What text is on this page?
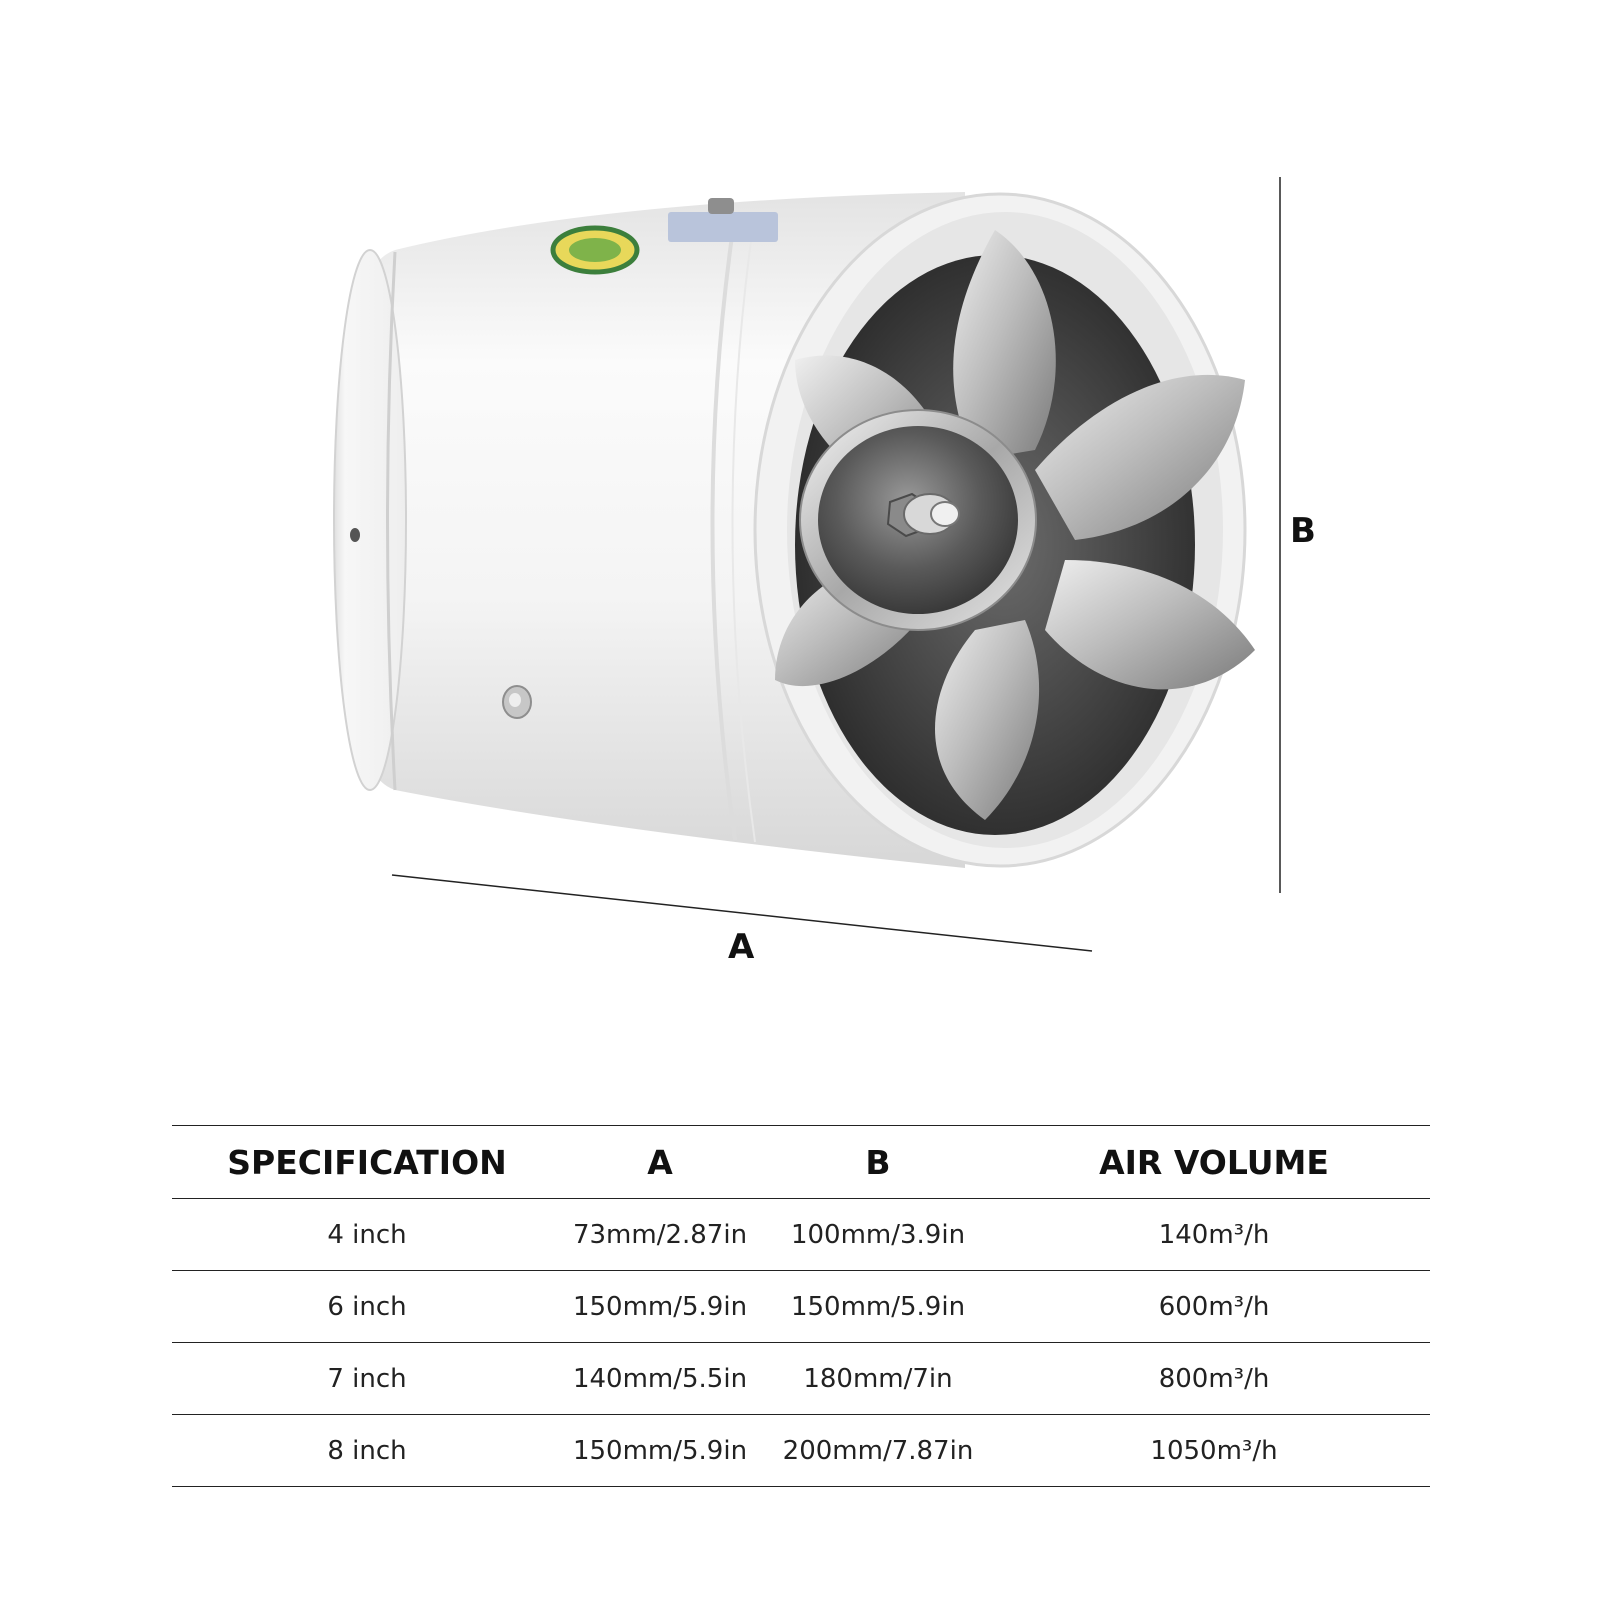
A
B
SPECIFICATION	A	B	AIR VOLUME
4 inch	73mm/2.87in	100mm/3.9in	140m³/h
6 inch	150mm/5.9in	150mm/5.9in	600m³/h
7 inch	140mm/5.5in	180mm/7in	800m³/h
8 inch	150mm/5.9in	200mm/7.87in	1050m³/h
